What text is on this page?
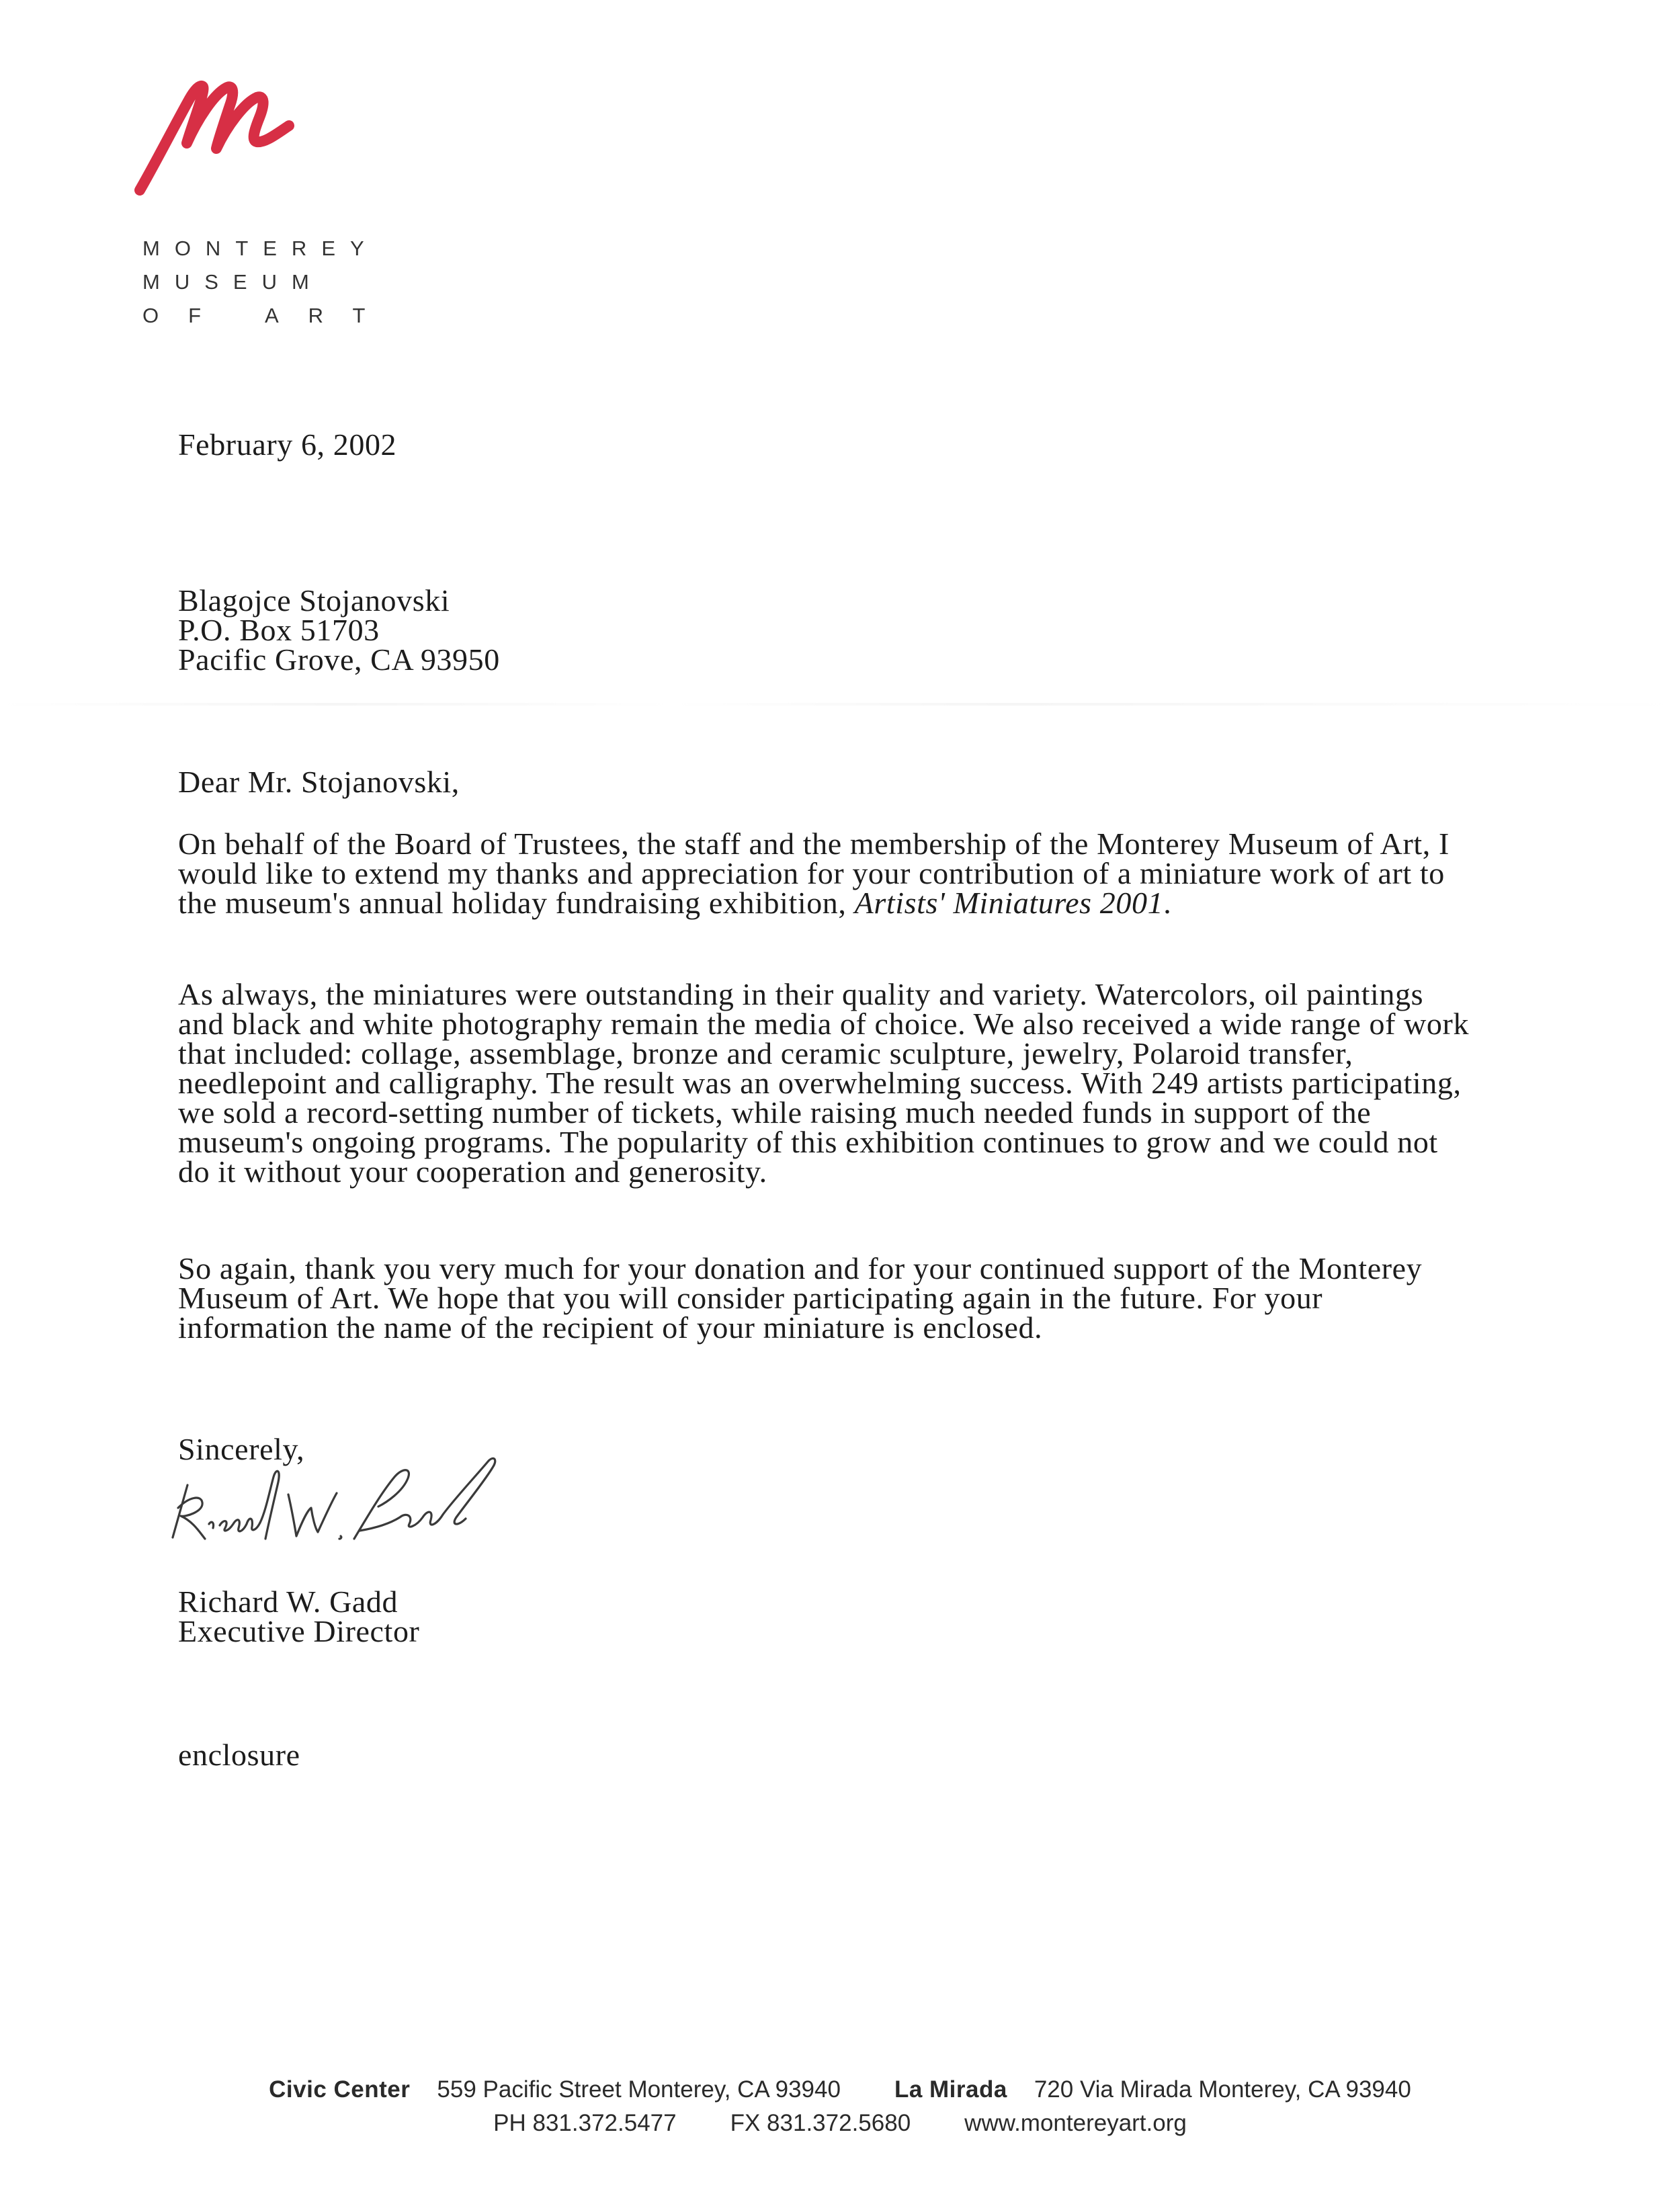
MONTEREY
MUSEUM
OF ART
February 6, 2002
Blagojce Stojanovski
P.O. Box 51703
Pacific Grove, CA 93950
Dear Mr. Stojanovski,
On behalf of the Board of Trustees, the staff and the membership of the Monterey Museum of Art, I would like to extend my thanks and appreciation for your contribution of a miniature work of art to the museum's annual holiday fundraising exhibition, Artists' Miniatures 2001.
As always, the miniatures were outstanding in their quality and variety. Watercolors, oil paintings and black and white photography remain the media of choice. We also received a wide range of work that included: collage, assemblage, bronze and ceramic sculpture, jewelry, Polaroid transfer, needlepoint and calligraphy. The result was an overwhelming success. With 249 artists participating, we sold a record-setting number of tickets, while raising much needed funds in support of the museum's ongoing programs. The popularity of this exhibition continues to grow and we could not do it without your cooperation and generosity.
So again, thank you very much for your donation and for your continued support of the Monterey Museum of Art. We hope that you will consider participating again in the future. For your information the name of the recipient of your miniature is enclosed.
Sincerely,
Richard W. Gadd
Executive Director
enclosure
Civic Center 559 Pacific Street Monterey, CA 93940 La Mirada 720 Via Mirada Monterey, CA 93940
PH 831.372.5477 FX 831.372.5680 www.montereyart.org
